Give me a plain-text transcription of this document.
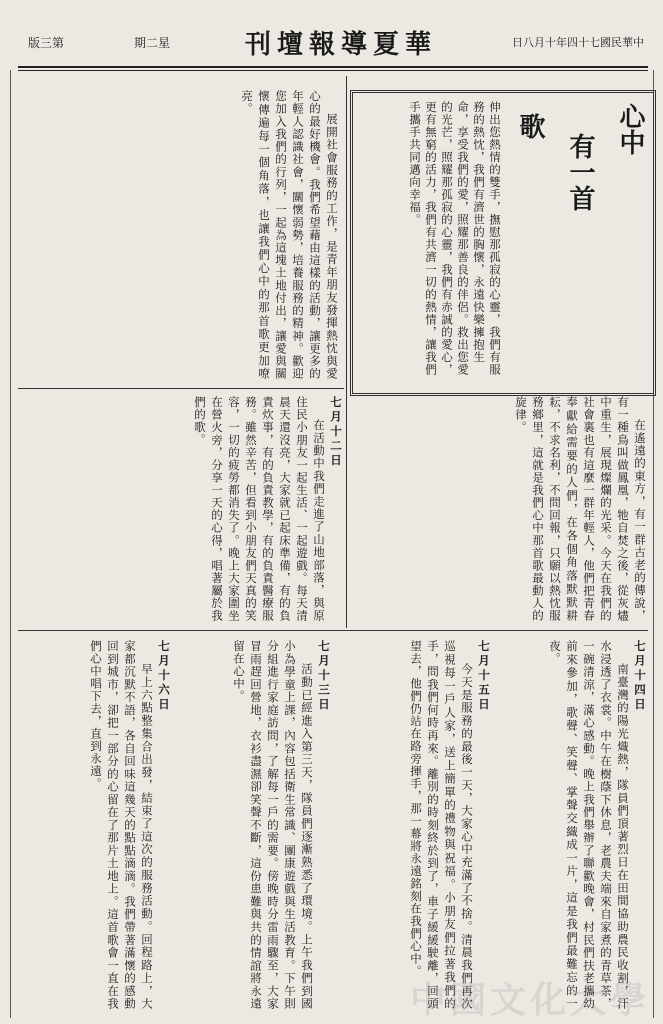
版三第	期二星	刊壇報導夏華	日八月十年四十七國民華中
心中
有一首
歌
伸出您熱情的雙手，撫慰那孤寂的心靈，我們有服務的熱忱，我們有濟世的胸懷，永遠快樂擁抱生命，享受我們的愛，照耀那善良的伴侶。救出您愛的光芒，照耀那孤寂的心靈，我們有赤誠的愛心，更有無窮的活力，我們有共濟一切的熱情，讓我們手攜手共同邁向幸福。

在遙遠的東方，有一群古老的傳說，有一種鳥叫做鳳凰，牠自焚之後，從灰燼中重生，展現燦爛的光采。今天在我們的社會裏也有這麼一群年輕人，他們把青春奉獻給需要的人們，在各個角落默默耕耘，不求名利，不問回報，只願以熱忱服務鄉里，這就是我們心中那首歌最動人的旋律。

展開社會服務的工作，是青年朋友發揮熱忱與愛心的最好機會。我們希望藉由這樣的活動，讓更多的年輕人認識社會，關懷弱勢，培養服務的精神。歡迎您加入我們的行列，一起為這塊土地付出，讓愛與關懷傳遍每一個角落，也讓我們心中的那首歌更加嘹亮。

七月十二日

在活動中我們走進了山地部落，與原住民小朋友一起生活、一起遊戲。每天清晨天還沒亮，大家就已起床準備，有的負責炊事，有的負責教學，有的負責醫療服務。雖然辛苦，但看到小朋友們天真的笑容，一切的疲勞都消失了。晚上大家圍坐在營火旁，分享一天的心得，唱著屬於我們的歌。

七月十四日

南臺灣的陽光熾熱，隊員們頂著烈日在田間協助農民收割，汗水浸透了衣裳。中午在樹蔭下休息，老農夫端來自家煮的青草茶，一碗清涼，滿心感動。晚上我們舉辦了聯歡晚會，村民們扶老攜幼前來參加，歌聲、笑聲、掌聲交織成一片，這是我們最難忘的一夜。

七月十五日

今天是服務的最後一天，大家心中充滿了不捨。清晨我們再次巡視每一戶人家，送上簡單的禮物與祝福。小朋友們拉著我們的手，問我們何時再來。離別的時刻終於到了，車子緩緩駛離，回頭望去，他們仍站在路旁揮手，那一幕將永遠銘刻在我們心中。

七月十三日

活動已經進入第三天，隊員們逐漸熟悉了環境。上午我們到國小為學童上課，內容包括衛生常識、團康遊戲與生活教育。下午則分組進行家庭訪問，了解每一戶的需要。傍晚時分雷雨驟至，大家冒雨趕回營地，衣衫盡濕卻笑聲不斷，這份患難與共的情誼將永遠留在心中。

七月十六日

早上六點整集合出發，結束了這次的服務活動。回程路上，大家都沉默不語，各自回味這幾天的點點滴滴。我們帶著滿懷的感動回到城市，卻把一部分的心留在了那片土地上。這首歌會一直在我們心中唱下去，直到永遠。

中國文化大學
